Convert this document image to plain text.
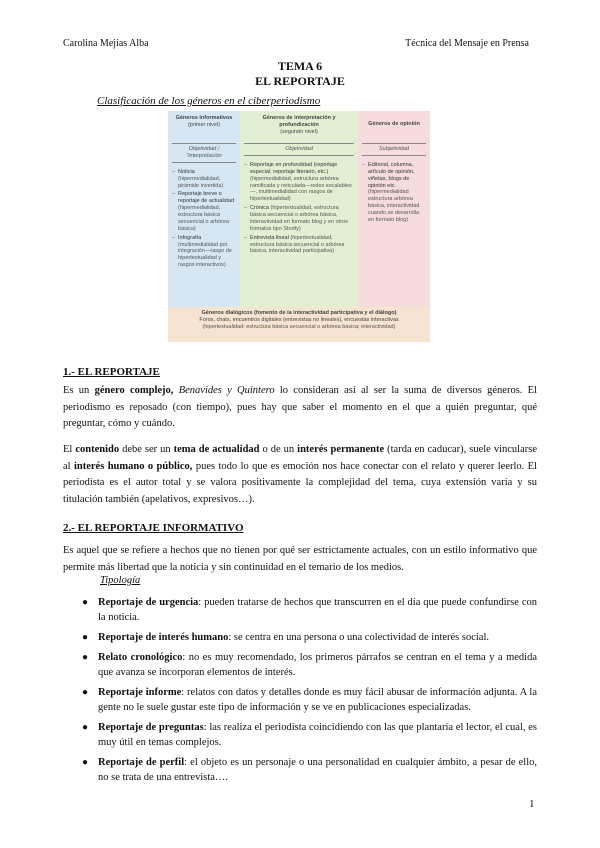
Carolina Mejías Alba	Técnica del Mensaje en Prensa
TEMA 6
EL REPORTAJE
Clasificación de los géneros en el ciberperiodismo
Géneros informativos
(primer nivel)
Objetividad / "interpretación
– Noticia
(hipermedialidad, pirámide invertida)
– Reportaje breve o reportaje de actualidad
(hipermedialidad, estructura básica secuencial o arbórea básica)
– Infografía
(multimedialidad por integración—rasgo de hipertextualidad y rasgos interactivos)
Géneros de interpretación y profundización
(segundo nivel)
Objetividad
– Reportaje en profundidad (reportaje especial, reportaje literario, etc.) (hipermedialidad, estructura arbórea ramificada y reticulada—redes escalables—, multimedialidad con rasgos de hipertextualidad)
– Crónica (hipertextualidad, estructura básica secuencial o arbórea básica, interactividad en formato blog y en otros formatos tipo Storify)
– Entrevista lineal (hipertextualidad, estructura básica secuencial o arbórea básica, interactividad participativa)
Géneros de opinión
Subjetividad
– Editorial, columna, artículo de opinión, viñetas, blogs de opinión etc.
(hipermedialidad estructura arbórea básica, interactividad cuando se desarrolla en formato blog)
Géneros dialógicos (fomento de la interactividad participativa y el diálogo)
Foros, chats, encuentros digitales (entrevistas no lineales), encuestas interactivas
(hipertextualidad: estructura básica secuencial o arbórea básica; interactividad)
1.- EL REPORTAJE
Es un género complejo, Benavides y Quintero lo consideran así al ser la suma de diversos géneros. El periodismo es reposado (con tiempo), pues hay que saber el momento en el que a quién preguntar, qué preguntar, cómo y cuándo.
El contenido debe ser un tema de actualidad o de un interés permanente (tarda en caducar), suele vincularse al interés humano o público, pues todo lo que es emoción nos hace conectar con el relato y querer leerlo. El periodista es el autor total y se valora positivamente la complejidad del tema, cuya extensión varía y su titulación también (apelativos, expresivos…).
2.- EL REPORTAJE INFORMATIVO
Es aquel que se refiere a hechos que no tienen por qué ser estrictamente actuales, con un estilo informativo que permite más libertad que la noticia y sin continuidad en el temario de los medios.
Tipología
● Reportaje de urgencia: pueden tratarse de hechos que transcurren en el día que puede confundirse con la noticia.
● Reportaje de interés humano: se centra en una persona o una colectividad de interés social.
● Relato cronológico: no es muy recomendado, los primeros párrafos se centran en el tema y a medida que avanza se incorporan elementos de interés.
● Reportaje informe: relatos con datos y detalles donde es muy fácil abusar de información adjunta. A la gente no le suele gustar este tipo de información y se ve en publicaciones especializadas.
● Reportaje de preguntas: las realiza el periodista coincidiendo con las que plantaría el lector, el cual, es muy útil en temas complejos.
● Reportaje de perfil: el objeto es un personaje o una personalidad en cualquier ámbito, a pesar de ello, no se trata de una entrevista….
1
